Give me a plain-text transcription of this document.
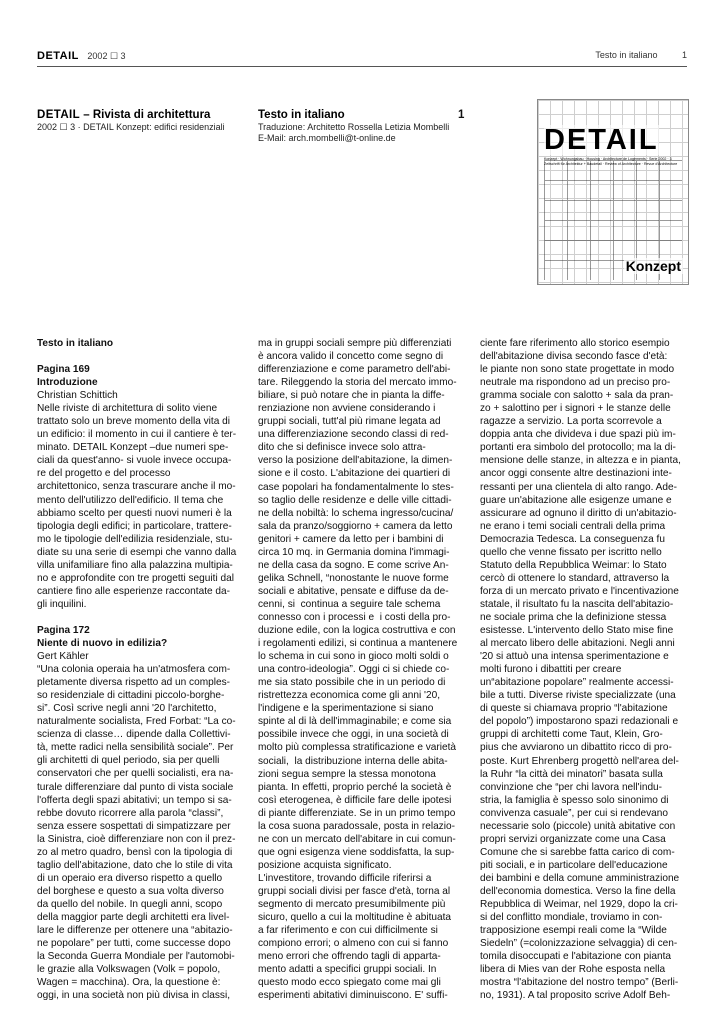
DETAIL 2002 ☐ 3	Testo in italiano	1
DETAIL – Rivista di architettura
2002 ☐ 3 · DETAIL Konzept: edifici residenziali
Testo in italiano
Traduzione: Architetto Rossella Letizia Mombelli
E-Mail: arch.mombelli@t-online.de
1
DETAIL
Konzept · Wohnungsbau · Housing · Architecture de Logements · Serie 2002 · 3
Zeitschrift für Architektur + Baudetail · Review of Architecture · Revue d'Architecture
Konzept

Testo in italiano

Pagina 169

Introduzione

Christian Schittich

Nelle riviste di architettura di solito viene
trattato solo un breve momento della vita di
un edificio: il momento in cui il cantiere è ter-
minato. DETAIL Konzept –due numeri spe-
ciali da quest'anno- si vuole invece occupa-
re del progetto e del processo
architettonico, senza trascurare anche il mo-
mento dell'utilizzo dell'edificio. Il tema che
abbiamo scelto per questi nuovi numeri è la
tipologia degli edifici; in particolare, tratterе-
mo le tipologie dell'edilizia residenziale, stu-
diate su una serie di esempi che vanno dalla
villa unifamiliare fino alla palazzina multipia-
no e approfondite con tre progetti seguiti dal
cantiere fino alle esperienze raccontate da-
gli inquilini.

Pagina 172

Niente di nuovo in edilizia?

Gert Kähler

“Una colonia operaia ha un'atmosfera com-
pletamente diversa rispetto ad un comples-
so residenziale di cittadini piccolo-borghe-
si”. Così scrive negli anni '20 l'architetto,
naturalmente socialista, Fred Forbat: “La co-
scienza di classe… dipende dalla Collettivi-
tà, mette radici nella sensibilità sociale”. Per
gli architetti di quel periodo, sia per quelli
conservatori che per quelli socialisti, era na-
turale differenziare dal punto di vista sociale
l'offerta degli spazi abitativi; un tempo si sa-
rebbe dovuto ricorrere alla parola “classi”,
senza essere sospettati di simpatizzare per
la Sinistra, cioè differenziare non con il prez-
zo al metro quadro, bensì con la tipologia di
taglio dell'abitazione, dato che lo stile di vita
di un operaio era diverso rispetto a quello
del borghese e questo a sua volta diverso
da quello del nobile. In quegli anni, scopo
della maggior parte degli architetti era livel-
lare le differenze per ottenere una “abitazio-
ne popolare” per tutti, come successe dopo
la Seconda Guerra Mondiale per l'automobi-
le grazie alla Volkswagen (Volk = popolo,
Wagen = macchina). Ora, la questione è:
oggi, in una società non più divisa in classi,
ma in gruppi sociali sempre più differenziati
è ancora valido il concetto come segno di
differenziazione e come parametro dell'abi-
tare. Rileggendo la storia del mercato immo-
biliare, si può notare che in pianta la diffe-
renziazione non avviene considerando i
gruppi sociali, tutt'al più rimane legata ad
una differenziazione secondo classi di red-
dito che si definisce invece solo attra-
verso la posizione dell'abitazione, la dimen-
sione e il costo. L'abitazione dei quartieri di
case popolari ha fondamentalmente lo stes-
so taglio delle residenze e delle ville cittadi-
ne della nobiltà: lo schema ingresso/cucina/
sala da pranzo/soggiorno + camera da letto
genitori + camere da letto per i bambini di
circa 10 mq. in Germania domina l'immagi-
ne della casa da sogno. E come scrive An-
gelika Schnell, “nonostante le nuove forme
sociali e abitative, pensate e diffuse da de-
cenni, si  continua a seguire tale schema
connesso con i processi e  i costi della pro-
duzione edile, con la logica costruttiva e con
i regolamenti edilizi, si continua a mantenere
lo schema in cui sono in gioco molti soldi o
una contro-ideologia”. Oggi ci si chiede co-
me sia stato possibile che in un periodo di
ristrettezza economica come gli anni '20,
l'indigene e la sperimentazione si siano
spinte al di là dell'immaginabile; e come sia
possibile invece che oggi, in una società di
molto più complessa stratificazione e varietà
sociali,  la distribuzione interna delle abita-
zioni segua sempre la stessa monotona
pianta. In effetti, proprio perché la società è
così eterogenea, è difficile fare delle ipotesi
di piante differenziate. Se in un primo tempo
la cosa suona paradossale, posta in relazio-
ne con un mercato dell'abitare in cui comun-
que ogni esigenza viene soddisfatta, la sup-
posizione acquista significato.
L'investitore, trovando difficile riferirsi a
gruppi sociali divisi per fasce d'età, torna al
segmento di mercato presumibilmente più
sicuro, quello a cui la moltitudine è abituata
a far riferimento e con cui difficilmente si
compiono errori; o almeno con cui si fanno
meno errori che offrendo tagli di apparta-
mento adatti a specifici gruppi sociali. In
questo modo ecco spiegato come mai gli
esperimenti abitativi diminuiscono. E' suffi-
ciente fare riferimento allo storico esempio
dell'abitazione divisa secondo fasce d'età:
le piante non sono state progettate in modo
neutrale ma rispondono ad un preciso pro-
gramma sociale con salotto + sala da pran-
zo + salottino per i signori + le stanze delle
ragazze a servizio. La porta scorrevole a
doppia anta che divideva i due spazi più im-
portanti era simbolo del protocollo; ma la di-
mensione delle stanze, in altezza e in pianta,
ancor oggi consente altre destinazioni inte-
ressanti per una clientela di alto rango. Ade-
guare un'abitazione alle esigenze umane e
assicurare ad ognuno il diritto di un'abitazio-
ne erano i temi sociali centrali della prima
Democrazia Tedesca. La conseguenza fu
quello che venne fissato per iscritto nello
Statuto della Repubblica Weimar: lo Stato
cercò di ottenere lo standard, attraverso la
forza di un mercato privato e l'incentivazione
statale, il risultato fu la nascita dell'abitazio-
ne sociale prima che la definizione stessa
esistesse. L'intervento dello Stato mise fine
al mercato libero delle abitazioni. Negli anni
'20 si attuò una intensa sperimentazione e
molti furono i dibattiti per creare
un“abitazione popolare” realmente accessi-
bile a tutti. Diverse riviste specializzate (una
di queste si chiamava proprio “l'abitazione
del popolo”) impostarono spazi redazionali e
gruppi di architetti come Taut, Klein, Gro-
pius che avviarono un dibattito ricco di pro-
poste. Kurt Ehrenberg progettò nell'area del-
la Ruhr “la città dei minatori” basata sulla
convinzione che “per chi lavora nell'indu-
stria, la famiglia è spesso solo sinonimo di
convivenza casuale”, per cui si rendevano
necessarie solo (piccole) unità abitative con
propri servizi organizzate come una Casa
Comune che si sarebbe fatta carico di com-
piti sociali, e in particolare dell'educazione
dei bambini e della comune amministrazione
dell'economia domestica. Verso la fine della
Repubblica di Weimar, nel 1929, dopo la cri-
si del conflitto mondiale, troviamo in con-
trapposizione esempi reali come la “Wilde
Siedeln” (=colonizzazione selvaggia) di cen-
tomila disoccupati e l'abitazione con pianta
libera di Mies van der Rohe esposta nella
mostra “l'abitazione del nostro tempo” (Berli-
no, 1931). A tal proposito scrive Adolf Beh-
